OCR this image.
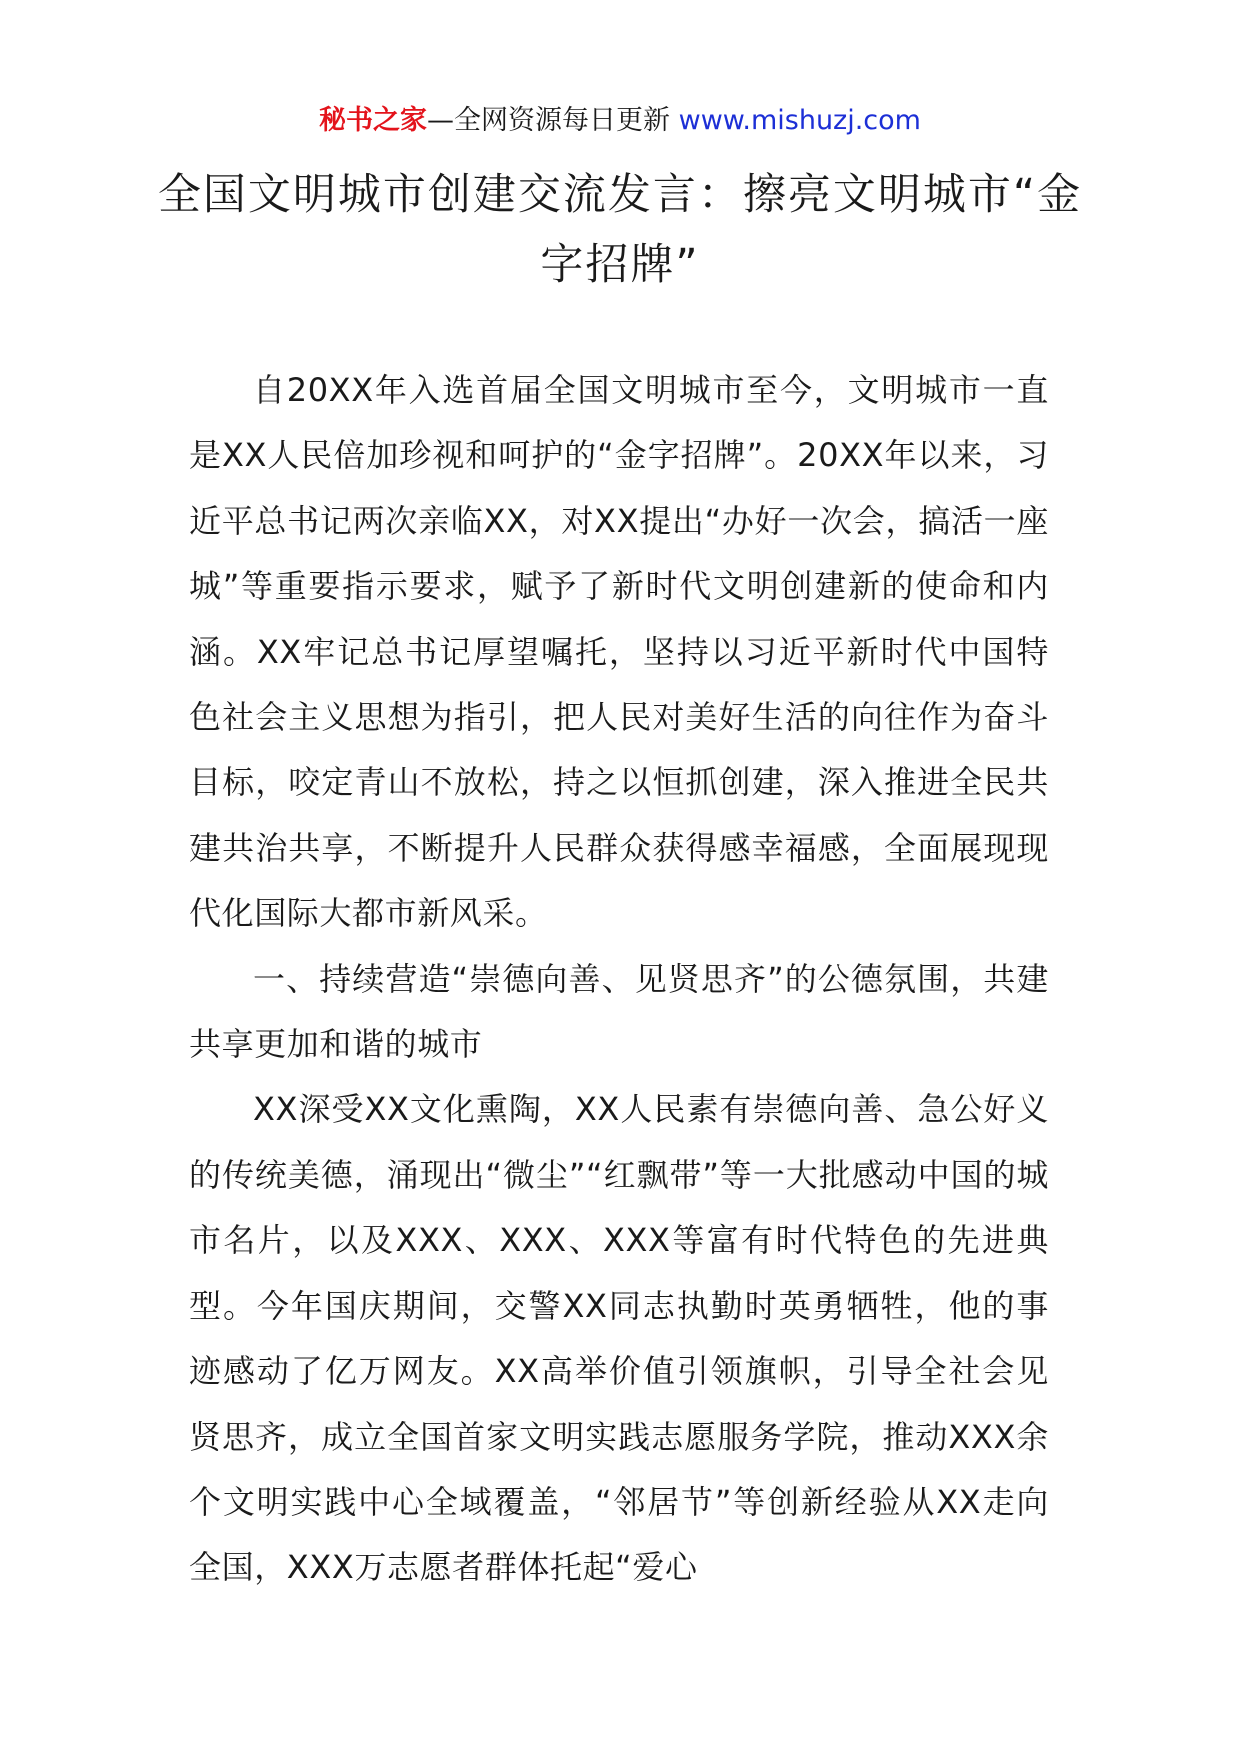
秘书之家—全网资源每日更新 www.mishuzj.com
全国文明城市创建交流发言：擦亮文明城市“金字招牌”

自20XX年入选首届全国文明城市至今，文明城市一直是XX人民倍加珍视和呵护的“金字招牌”。20XX年以来，习近平总书记两次亲临XX，对XX提出“办好一次会，搞活一座城”等重要指示要求，赋予了新时代文明创建新的使命和内涵。XX牢记总书记厚望嘱托，坚持以习近平新时代中国特色社会主义思想为指引，把人民对美好生活的向往作为奋斗目标，咬定青山不放松，持之以恒抓创建，深入推进全民共建共治共享，不断提升人民群众获得感幸福感，全面展现现代化国际大都市新风采。

一、持续营造“崇德向善、见贤思齐”的公德氛围，共建共享更加和谐的城市

XX深受XX文化熏陶，XX人民素有崇德向善、急公好义的传统美德，涌现出“微尘”“红飘带”等一大批感动中国的城市名片，以及XXX、XXX、XXX等富有时代特色的先进典型。今年国庆期间，交警XX同志执勤时英勇牺牲，他的事迹感动了亿万网友。XX高举价值引领旗帜，引导全社会见贤思齐，成立全国首家文明实践志愿服务学院，推动XXX余个文明实践中心全域覆盖，“邻居节”等创新经验从XX走向全国，XXX万志愿者群体托起“爱心
